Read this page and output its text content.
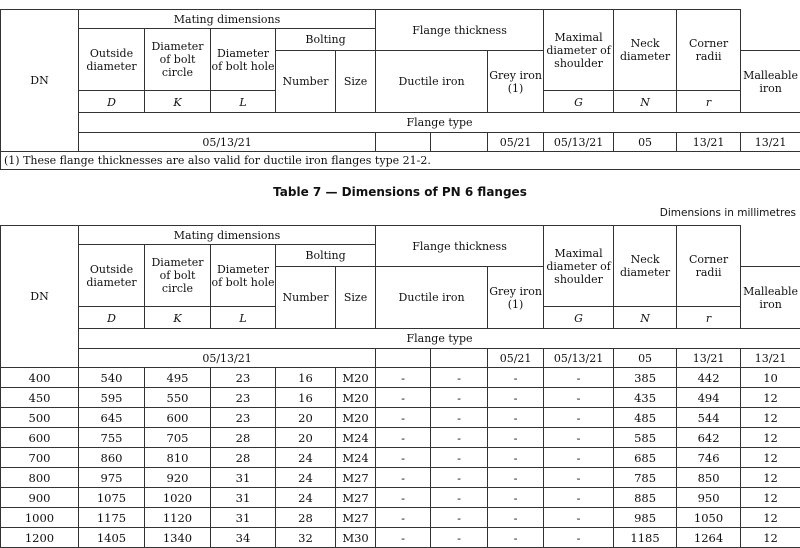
DN	Mating dimensions					Flange thickness			Maximal diameter of shoulder	Neck diameter	Corner radii	
	Outside diameter	Diameter of bolt circle	Diameter of bolt hole	Bolting								
				Number	Size	Ductile iron		Grey iron (1)				Malleable iron
	D	K	L						G	N	r	
	Flange type											
	05/13/21							05/21	05/13/21	05	13/21	13/21
(1) These flange thicknesses are also valid for ductile iron flanges type 21-2.												
Table 7 — Dimensions of PN 6 flanges
Dimensions in millimetres
DN	Mating dimensions					Flange thickness			Maximal diameter of shoulder	Neck diameter	Corner radii	
	Outside diameter	Diameter of bolt circle	Diameter of bolt hole	Bolting								
				Number	Size	Ductile iron		Grey iron (1)				Malleable iron
	D	K	L						G	N	r	
	Flange type											
	05/13/21							05/21	05/13/21	05	13/21	13/21
400	540	495	23	16	M20	-	-	-	-	385	442	10
450	595	550	23	16	M20	-	-	-	-	435	494	12
500	645	600	23	20	M20	-	-	-	-	485	544	12
600	755	705	28	20	M24	-	-	-	-	585	642	12
700	860	810	28	24	M24	-	-	-	-	685	746	12
800	975	920	31	24	M27	-	-	-	-	785	850	12
900	1075	1020	31	24	M27	-	-	-	-	885	950	12
1000	1175	1120	31	28	M27	-	-	-	-	985	1050	12
1200	1405	1340	34	32	M30	-	-	-	-	1185	1264	12
